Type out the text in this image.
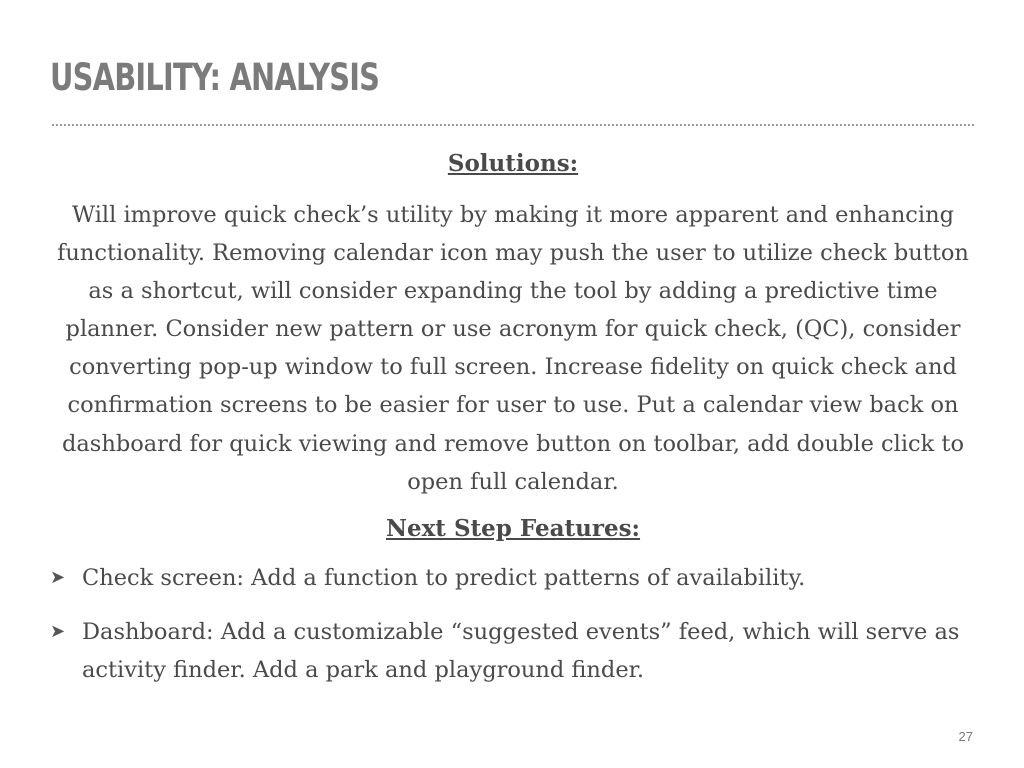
USABILITY: ANALYSIS

Solutions:

Will improve quick check’s utility by making it more apparent and enhancing functionality. Removing calendar icon may push the user to utilize check button as a shortcut, will consider expanding the tool by adding a predictive time planner. Consider new pattern or use acronym for quick check, (QC), consider converting pop-up window to full screen. Increase fidelity on quick check and confirmation screens to be easier for user to use. Put a calendar view back on dashboard for quick viewing and remove button on toolbar, add double click to open full calendar.

Next Step Features:

➤ Check screen: Add a function to predict patterns of availability.
➤ Dashboard: Add a customizable “suggested events” feed, which will serve as activity finder. Add a park and playground finder.
27
